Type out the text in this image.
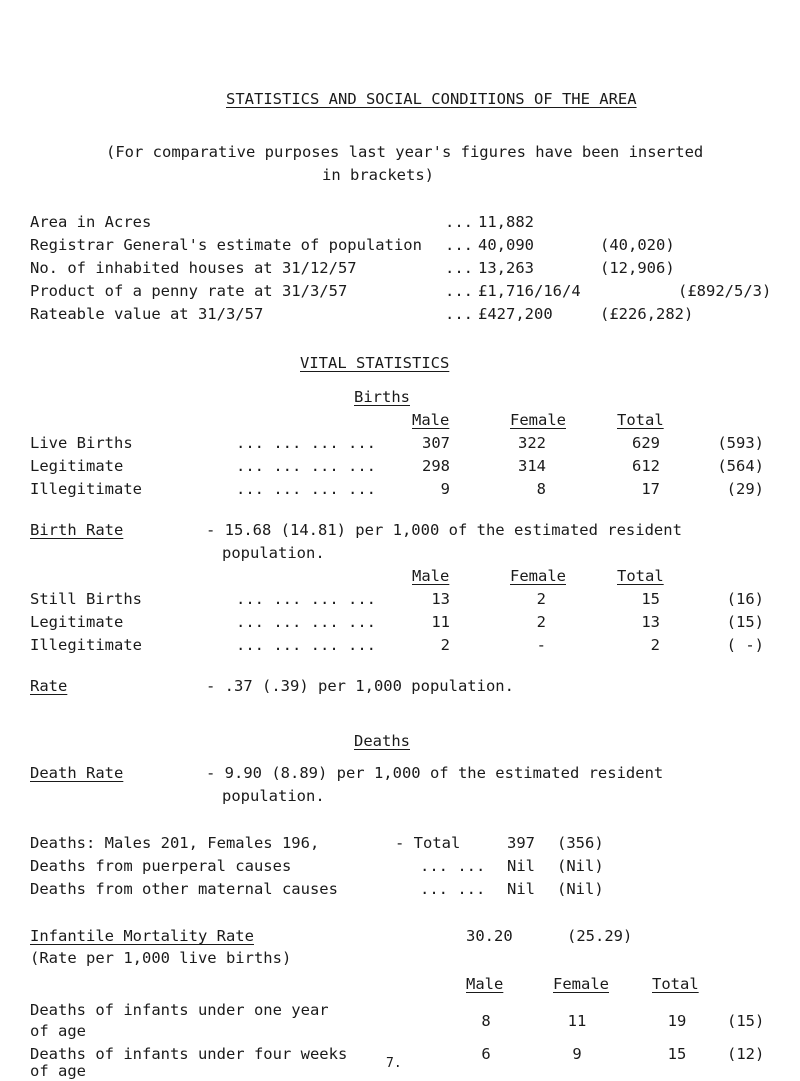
STATISTICS AND SOCIAL CONDITIONS OF THE AREA
(For comparative purposes last year's figures have been inserted
in brackets)
Area in Acres	... 11,882
Registrar General's estimate of population ... 40,090	(40,020)
No. of inhabited houses at 31/12/57	... 13,263	(12,906)
Product of a penny rate at 31/3/57	... £1,716/16/4	(£892/5/3)
Rateable value at 31/3/57	... £427,200	(£226,282)
VITAL STATISTICS
Births
Male	Female	Total
Live Births	... ... ... ...	307	322	629	(593)
Legitimate	... ... ... ...	298	314	612	(564)
Illegitimate	... ... ... ...	9	8	17	(29)
Birth Rate	- 15.68 (14.81) per 1,000 of the estimated resident
population.
Male	Female	Total
Still Births	... ... ... ...	13	2	15	(16)
Legitimate	... ... ... ...	11	2	13	(15)
Illegitimate	... ... ... ...	2	-	2	( -)
Rate	- .37 (.39) per 1,000 population.
Deaths
Death Rate	- 9.90 (8.89) per 1,000 of the estimated resident
population.
Deaths: Males 201, Females 196,	- Total	397 (356)
Deaths from puerperal causes	... ... Nil (Nil)
Deaths from other maternal causes	... ... Nil (Nil)
Infantile Mortality Rate
(Rate per 1,000 live births)
30.20	(25.29)
Male	Female	Total
Deaths of infants under one year
of age
8	11	19	(15)
Deaths of infants under four weeks
of age
6	9	15	(12)
7.
